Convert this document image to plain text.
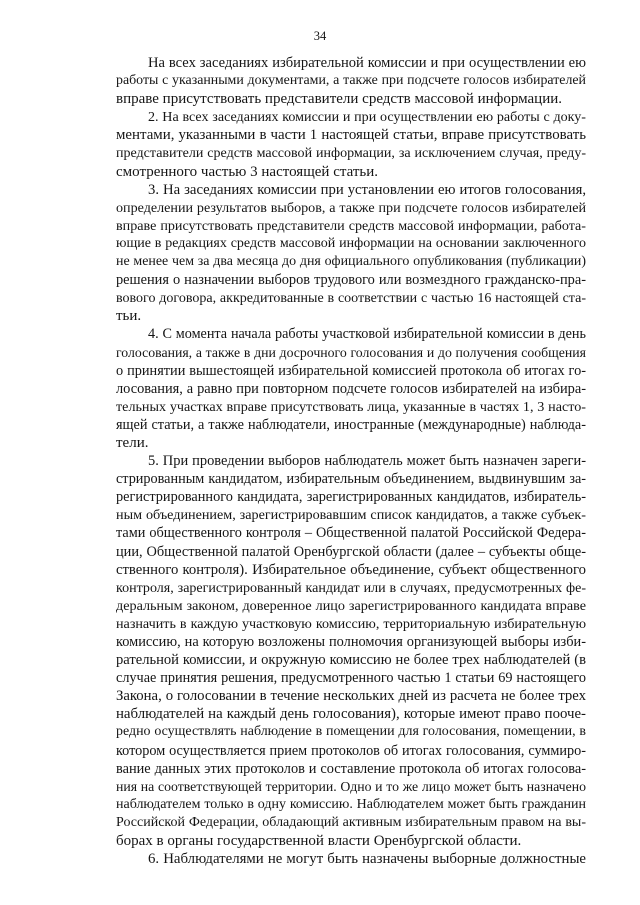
34
На всех заседаниях избирательной комиссии и при осуществлении ею
работы с указанными документами, а также при подсчете голосов избирателей
вправе присутствовать представители средств массовой информации.
2. На всех заседаниях комиссии и при осуществлении ею работы с доку-
ментами, указанными в части 1 настоящей статьи, вправе присутствовать
представители средств массовой информации, за исключением случая, преду-
смотренного частью 3 настоящей статьи.
3. На заседаниях комиссии при установлении ею итогов голосования,
определении результатов выборов, а также при подсчете голосов избирателей
вправе присутствовать представители средств массовой информации, работа-
ющие в редакциях средств массовой информации на основании заключенного
не менее чем за два месяца до дня официального опубликования (публикации)
решения о назначении выборов трудового или возмездного гражданско-пра-
вового договора, аккредитованные в соответствии с частью 16 настоящей ста-
тьи.
4. С момента начала работы участковой избирательной комиссии в день
голосования, а также в дни досрочного голосования и до получения сообщения
о принятии вышестоящей избирательной комиссией протокола об итогах го-
лосования, а равно при повторном подсчете голосов избирателей на избира-
тельных участках вправе присутствовать лица, указанные в частях 1, 3 насто-
ящей статьи, а также наблюдатели, иностранные (международные) наблюда-
тели.
5. При проведении выборов наблюдатель может быть назначен зареги-
стрированным кандидатом, избирательным объединением, выдвинувшим за-
регистрированного кандидата, зарегистрированных кандидатов, избиратель-
ным объединением, зарегистрировавшим список кандидатов, а также субъек-
тами общественного контроля – Общественной палатой Российской Федера-
ции, Общественной палатой Оренбургской области (далее – субъекты обще-
ственного контроля). Избирательное объединение, субъект общественного
контроля, зарегистрированный кандидат или в случаях, предусмотренных фе-
деральным законом, доверенное лицо зарегистрированного кандидата вправе
назначить в каждую участковую комиссию, территориальную избирательную
комиссию, на которую возложены полномочия организующей выборы изби-
рательной комиссии, и окружную комиссию не более трех наблюдателей (в
случае принятия решения, предусмотренного частью 1 статьи 69 настоящего
Закона, о голосовании в течение нескольких дней из расчета не более трех
наблюдателей на каждый день голосования), которые имеют право пооче-
редно осуществлять наблюдение в помещении для голосования, помещении, в
котором осуществляется прием протоколов об итогах голосования, суммиро-
вание данных этих протоколов и составление протокола об итогах голосова-
ния на соответствующей территории. Одно и то же лицо может быть назначено
наблюдателем только в одну комиссию. Наблюдателем может быть гражданин
Российской Федерации, обладающий активным избирательным правом на вы-
борах в органы государственной власти Оренбургской области.
6. Наблюдателями не могут быть назначены выборные должностные
